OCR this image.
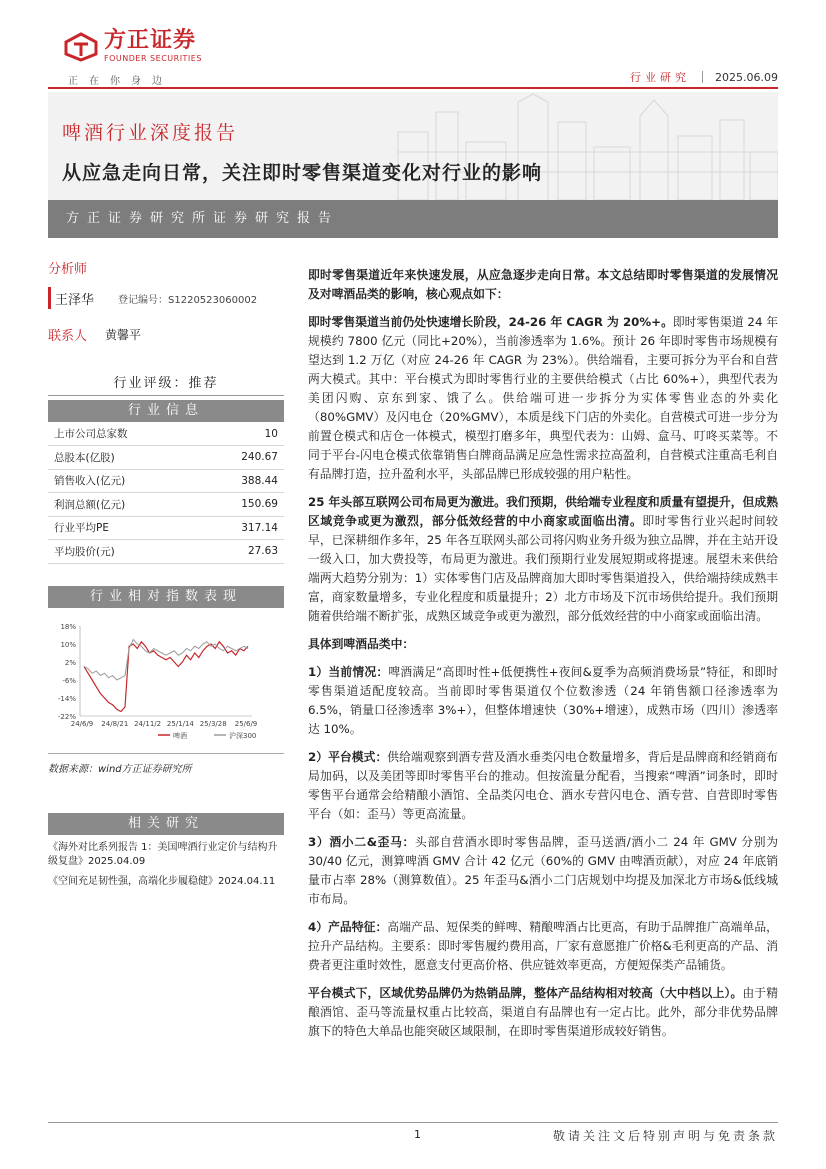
方正证券
FOUNDER SECURITIES
正在你身边	行业研究 2025.06.09
啤酒行业深度报告
从应急走向日常，关注即时零售渠道变化对行业的影响
方正证券研究所证券研究报告
分析师
王泽华 登记编号：S1220523060002
联系人 黄馨平
行业评级：推荐
行业信息
上市公司总家数	10
总股本(亿股)	240.67
销售收入(亿元)	388.44
利润总额(亿元)	150.69
行业平均PE	317.14
平均股价(元)	27.63
行业相对指数表现
18%
10%
2%
-6%
-14%
-22%
24/6/9 24/8/21 24/11/2 25/1/14 25/3/28 25/6/9
啤酒	沪深300
数据来源：wind方正证券研究所
相关研究
《海外对比系列报告 1：美国啤酒行业定价与结构升级复盘》2025.04.09
《空间充足韧性强，高端化步履稳健》2024.04.11

即时零售渠道近年来快速发展，从应急逐步走向日常。本文总结即时零售渠道的发展情况及对啤酒品类的影响，核心观点如下：

即时零售渠道当前仍处快速增长阶段，24-26 年 CAGR 为 20%+。即时零售渠道 24 年规模约 7800 亿元（同比+20%），当前渗透率为 1.6%。预计 26 年即时零售市场规模有望达到 1.2 万亿（对应 24-26 年 CAGR 为 23%）。供给端看，主要可拆分为平台和自营两大模式。其中：平台模式为即时零售行业的主要供给模式（占比 60%+），典型代表为美团闪购、京东到家、饿了么。供给端可进一步拆分为实体零售业态的外卖化（80%GMV）及闪电仓（20%GMV），本质是线下门店的外卖化。自营模式可进一步分为前置仓模式和店仓一体模式，模型打磨多年，典型代表为：山姆、盒马、叮咚买菜等。不同于平台-闪电仓模式依靠销售白牌商品满足应急性需求拉高盈利，自营模式注重高毛利自有品牌打造，拉升盈利水平，头部品牌已形成较强的用户粘性。

25 年头部互联网公司布局更为激进。我们预期，供给端专业程度和质量有望提升，但成熟区域竞争或更为激烈，部分低效经营的中小商家或面临出清。即时零售行业兴起时间较早，已深耕细作多年，25 年各互联网头部公司将闪购业务升级为独立品牌，并在主站开设一级入口，加大费投等，布局更为激进。我们预期行业发展短期或将提速。展望未来供给端两大趋势分别为：1）实体零售门店及品牌商加大即时零售渠道投入，供给端持续成熟丰富，商家数量增多，专业化程度和质量提升；2）北方市场及下沉市场供给提升。我们预期随着供给端不断扩张，成熟区域竞争或更为激烈，部分低效经营的中小商家或面临出清。

具体到啤酒品类中：

1）当前情况：啤酒满足“高即时性+低便携性+夜间&夏季为高频消费场景”特征，和即时零售渠道适配度较高。当前即时零售渠道仅个位数渗透（24 年销售额口径渗透率为 6.5%，销量口径渗透率 3%+），但整体增速快（30%+增速），成熟市场（四川）渗透率达 10%。

2）平台模式：供给端观察到酒专营及酒水垂类闪电仓数量增多，背后是品牌商和经销商布局加码，以及美团等即时零售平台的推动。但按流量分配看，当搜索“啤酒”词条时，即时零售平台通常会给精酿小酒馆、全品类闪电仓、酒水专营闪电仓、酒专营、自营即时零售平台（如：歪马）等更高流量。

3）酒小二&歪马：头部自营酒水即时零售品牌，歪马送酒/酒小二 24 年 GMV 分别为 30/40 亿元，测算啤酒 GMV 合计 42 亿元（60%的 GMV 由啤酒贡献），对应 24 年底销量市占率 28%（测算数值）。25 年歪马&酒小二门店规划中均提及加深北方市场&低线城市布局。

4）产品特征：高端产品、短保类的鲜啤、精酿啤酒占比更高，有助于品牌推广高端单品，拉升产品结构。主要系：即时零售履约费用高，厂家有意愿推广价格&毛利更高的产品、消费者更注重时效性，愿意支付更高价格、供应链效率更高，方便短保类产品铺货。

平台模式下，区域优势品牌仍为热销品牌，整体产品结构相对较高（大中档以上）。由于精酿酒馆、歪马等流量权重占比较高，渠道自有品牌也有一定占比。此外，部分非优势品牌旗下的特色大单品也能突破区域限制，在即时零售渠道形成较好销售。

1	敬请关注文后特别声明与免责条款
